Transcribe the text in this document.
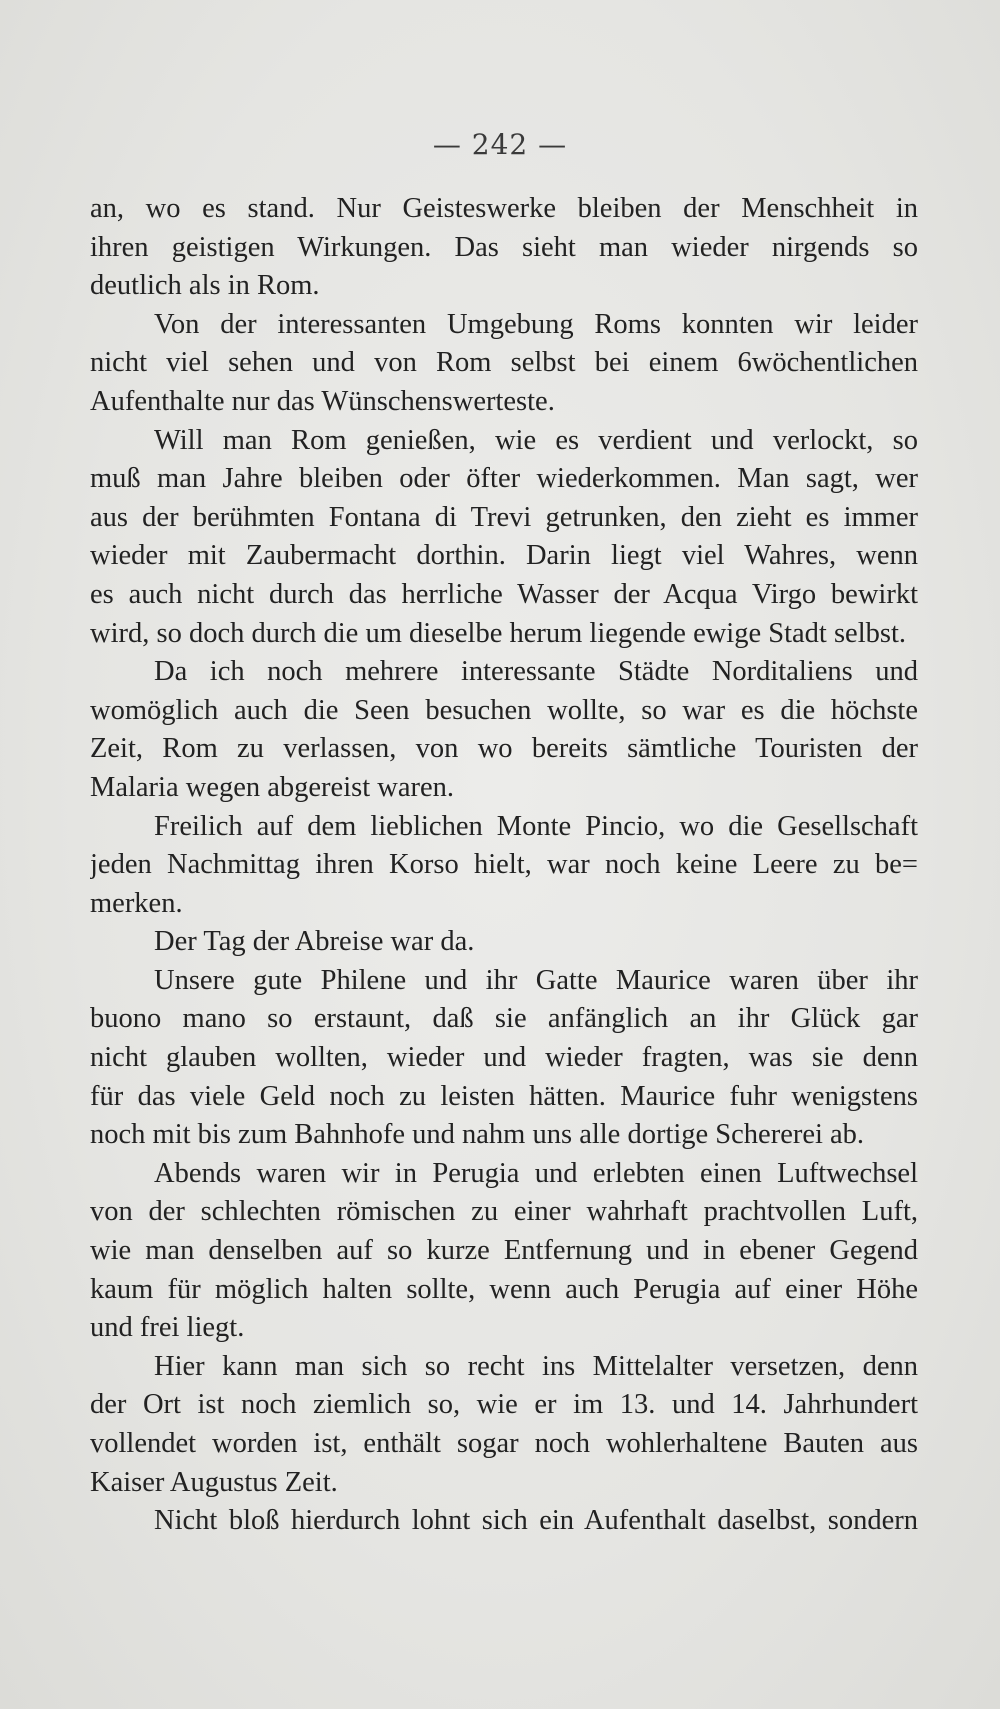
— 242 —
an, wo es stand. Nur Geisteswerke bleiben der Menschheit in
ihren geistigen Wirkungen. Das sieht man wieder nirgends so
deutlich als in Rom.
Von der interessanten Umgebung Roms konnten wir leider
nicht viel sehen und von Rom selbst bei einem 6wöchentlichen
Aufenthalte nur das Wünschenswerteste.
Will man Rom genießen, wie es verdient und verlockt, so
muß man Jahre bleiben oder öfter wiederkommen. Man sagt, wer
aus der berühmten Fontana di Trevi getrunken, den zieht es immer
wieder mit Zaubermacht dorthin. Darin liegt viel Wahres, wenn
es auch nicht durch das herrliche Wasser der Acqua Virgo bewirkt
wird, so doch durch die um dieselbe herum liegende ewige Stadt selbst.
Da ich noch mehrere interessante Städte Norditaliens und
womöglich auch die Seen besuchen wollte, so war es die höchste
Zeit, Rom zu verlassen, von wo bereits sämtliche Touristen der
Malaria wegen abgereist waren.
Freilich auf dem lieblichen Monte Pincio, wo die Gesellschaft
jeden Nachmittag ihren Korso hielt, war noch keine Leere zu be=
merken.
Der Tag der Abreise war da.
Unsere gute Philene und ihr Gatte Maurice waren über ihr
buono mano so erstaunt, daß sie anfänglich an ihr Glück gar
nicht glauben wollten, wieder und wieder fragten, was sie denn
für das viele Geld noch zu leisten hätten. Maurice fuhr wenigstens
noch mit bis zum Bahnhofe und nahm uns alle dortige Schererei ab.
Abends waren wir in Perugia und erlebten einen Luftwechsel
von der schlechten römischen zu einer wahrhaft prachtvollen Luft,
wie man denselben auf so kurze Entfernung und in ebener Gegend
kaum für möglich halten sollte, wenn auch Perugia auf einer Höhe
und frei liegt.
Hier kann man sich so recht ins Mittelalter versetzen, denn
der Ort ist noch ziemlich so, wie er im 13. und 14. Jahrhundert
vollendet worden ist, enthält sogar noch wohlerhaltene Bauten aus
Kaiser Augustus Zeit.
Nicht bloß hierdurch lohnt sich ein Aufenthalt daselbst, sondern
